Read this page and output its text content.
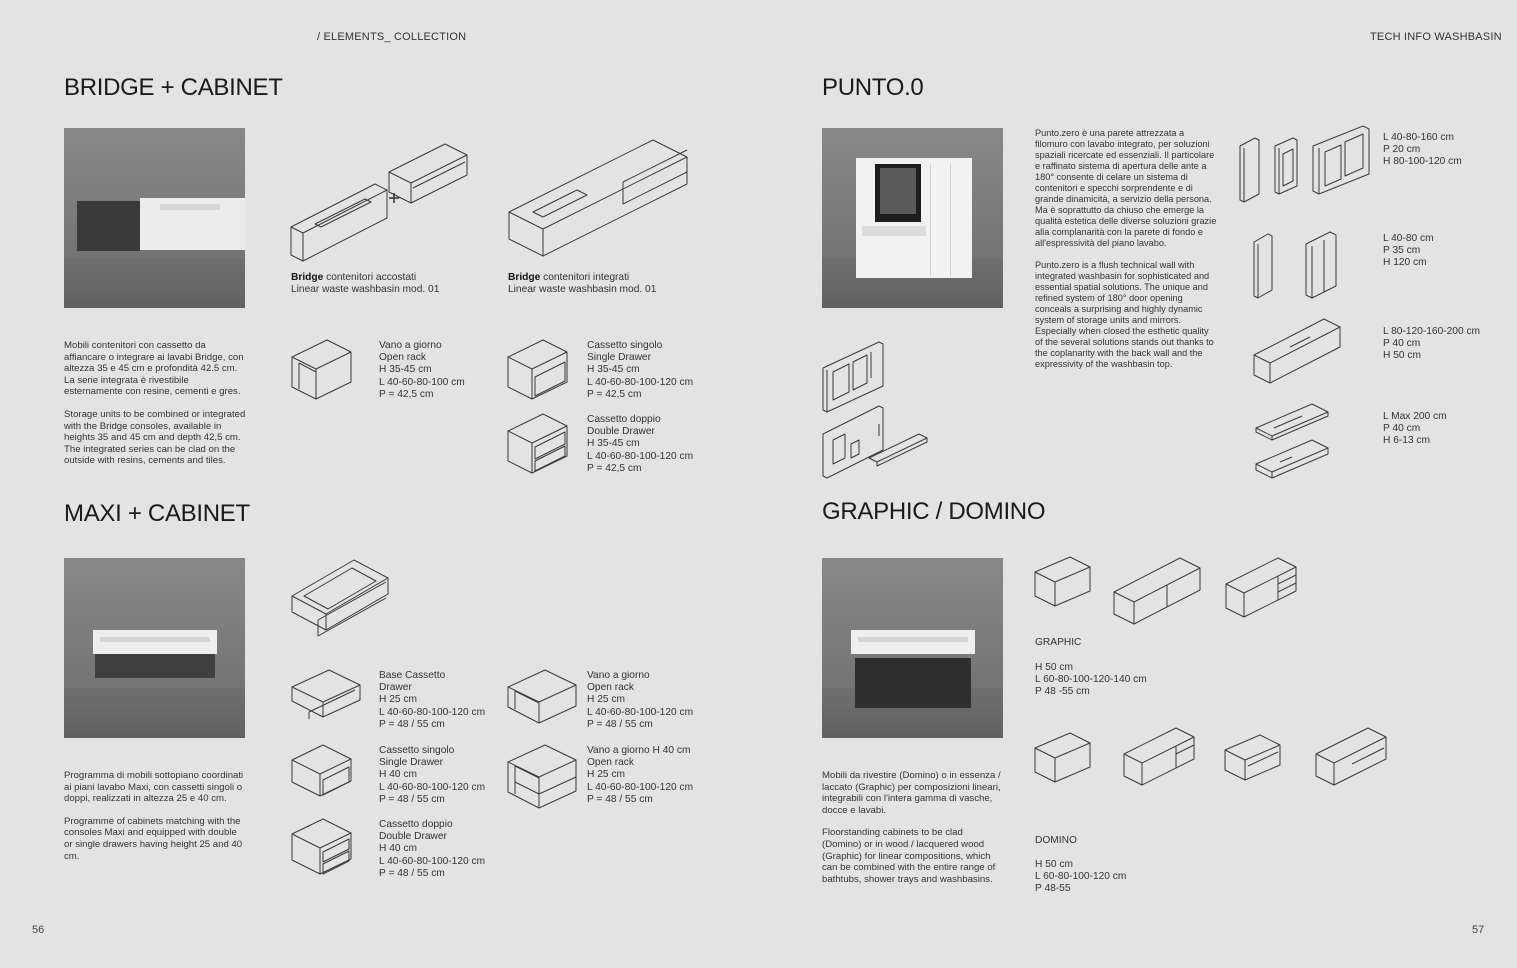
/ ELEMENTS_ COLLECTION	TECH INFO WASHBASIN
BRIDGE + CABINET
Bridge contenitori accostati
Linear waste washbasin mod. 01
Bridge contenitori integrati
Linear waste washbasin mod. 01

Mobili contenitori con cassetto da affiancare o integrare ai lavabi Bridge, con altezza 35 e 45 cm e profondità 42.5 cm. La serie integrata è rivestibile esternamente con resine, cementi e gres.

Storage units to be combined or integrated with the Bridge consoles, available in heights 35 and 45 cm and depth 42,5 cm. The integrated series can be clad on the outside with resins, cements and tiles.

Vano a giorno
Open rack
H 35-45 cm
L 40-60-80-100 cm
P = 42,5 cm
Cassetto singolo
Single Drawer
H 35-45 cm
L 40-60-80-100-120 cm
P = 42,5 cm
Cassetto doppio
Double Drawer
H 35-45 cm
L 40-60-80-100-120 cm
P = 42,5 cm
MAXI + CABINET

Programma di mobili sottopiano coordinati ai piani lavabo Maxi, con cassetti singoli o doppi, realizzati in altezza 25 e 40 cm.

Programme of cabinets matching with the consoles Maxi and equipped with double or single drawers having height 25 and 40 cm.

Base Cassetto
Drawer
H 25 cm
L 40-60-80-100-120 cm
P = 48 / 55 cm
Vano a giorno
Open rack
H 25 cm
L 40-60-80-100-120 cm
P = 48 / 55 cm
Cassetto singolo
Single Drawer
H 40 cm
L 40-60-80-100-120 cm
P = 48 / 55 cm
Vano a giorno H 40 cm
Open rack
H 25 cm
L 40-60-80-100-120 cm
P = 48 / 55 cm
Cassetto doppio
Double Drawer
H 40 cm
L 40-60-80-100-120 cm
P = 48 / 55 cm
PUNTO.0

Punto.zero è una parete attrezzata a filomuro con lavabo integrato, per soluzioni spaziali ricercate ed essenziali. Il particolare e raffinato sistema di apertura delle ante a 180° consente di celare un sistema di contenitori e specchi sorprendente e di grande dinamicità, a servizio della persona. Ma è soprattutto da chiuso che emerge la qualità estetica delle diverse soluzioni grazie alla complanarità con la parete di fondo e all'espressività del piano lavabo.

Punto.zero is a flush technical wall with integrated washbasin for sophisticated and essential spatial solutions. The unique and refined system of 180° door opening conceals a surprising and highly dynamic system of storage units and mirrors. Especially when closed the esthetic quality of the several solutions stands out thanks to the coplanarity with the back wall and the expressivity of the washbasin top.

L 40-80-160 cm
P 20 cm
H 80-100-120 cm
L 40-80 cm
P 35 cm
H 120 cm
L 80-120-160-200 cm
P 40 cm
H 50 cm
L Max 200 cm
P 40 cm
H 6-13 cm
GRAPHIC / DOMINO
GRAPHIC
H 50 cm
L 60-80-100-120-140 cm
P 48 -55 cm

Mobili da rivestire (Domino) o in essenza / laccato (Graphic) per composizioni lineari, integrabili con l'intera gamma di vasche, docce e lavabi.

Floorstanding cabinets to be clad (Domino) or in wood / lacquered wood (Graphic) for linear compositions, which can be combined with the entire range of bathtubs, shower trays and washbasins.

DOMINO
H 50 cm
L 60-80-100-120 cm
P 48-55
56	57
